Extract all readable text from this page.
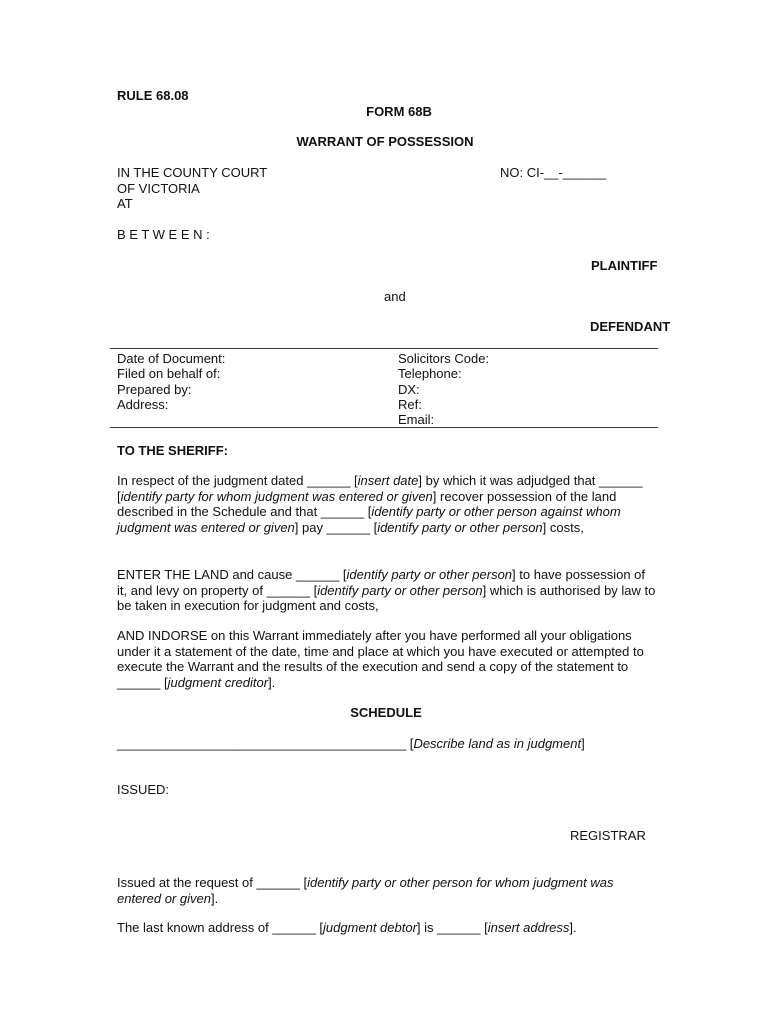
RULE 68.08
FORM 68B
WARRANT OF POSSESSION
IN THE COUNTY COURT
OF VICTORIA
AT
NO: CI-__-______
B E T W E E N :
PLAINTIFF
and
DEFENDANT
Date of Document:
Filed on behalf of:
Prepared by:
Address:
Solicitors Code:
Telephone:
DX:
Ref:
Email:
TO THE SHERIFF:
In respect of the judgment dated ______ [insert date] by which it was adjudged that ______ [identify party for whom judgment was entered or given] recover possession of the land described in the Schedule and that ______ [identify party or other person against whom judgment was entered or given] pay ______ [identify party or other person] costs,
ENTER THE LAND and cause ______ [identify party or other person] to have possession of it, and levy on property of ______ [identify party or other person] which is authorised by law to be taken in execution for judgment and costs,
AND INDORSE on this Warrant immediately after you have performed all your obligations under it a statement of the date, time and place at which you have executed or attempted to execute the Warrant and the results of the execution and send a copy of the statement to ______ [judgment creditor].
SCHEDULE
________________________________________ [Describe land as in judgment]
ISSUED:
REGISTRAR
Issued at the request of ______ [identify party or other person for whom judgment was entered or given].
The last known address of ______ [judgment debtor] is ______ [insert address].
